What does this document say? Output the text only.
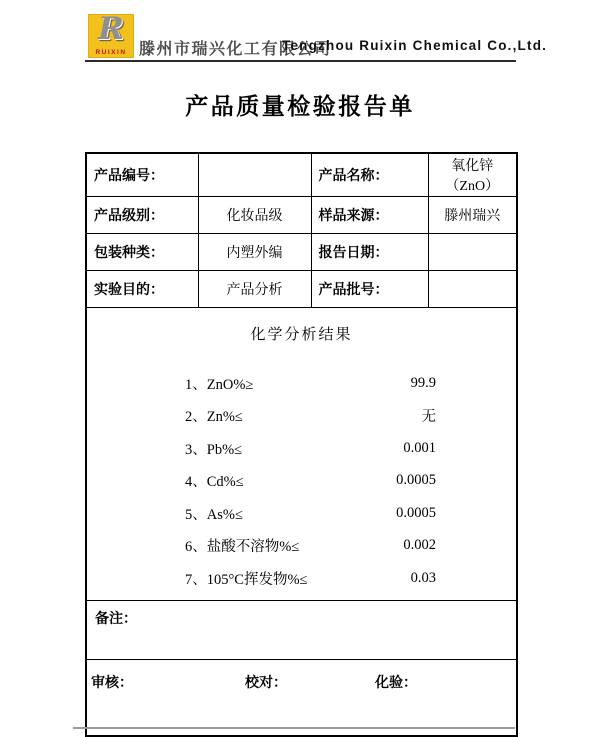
R
RUIXIN 滕州市瑞兴化工有限公司
Tengzhou Ruixin Chemical Co.,Ltd.
产品质量检验报告单
产品编号：		产品名称：	氧化锌（ZnO）
产品级别：	化妆品级	样品来源：	滕州瑞兴
包装种类：	内塑外编	报告日期：	
实验目的：	产品分析	产品批号：	

化学分析结果
1、ZnO%≥	99.9
2、Zn%≤	无
3、Pb%≤	0.001
4、Cd%≤	0.0005
5、As%≤	0.0005
6、盐酸不溶物%≤	0.002
7、105°C挥发物%≤	0.03

备注：			

审核： 校对： 化验：			
